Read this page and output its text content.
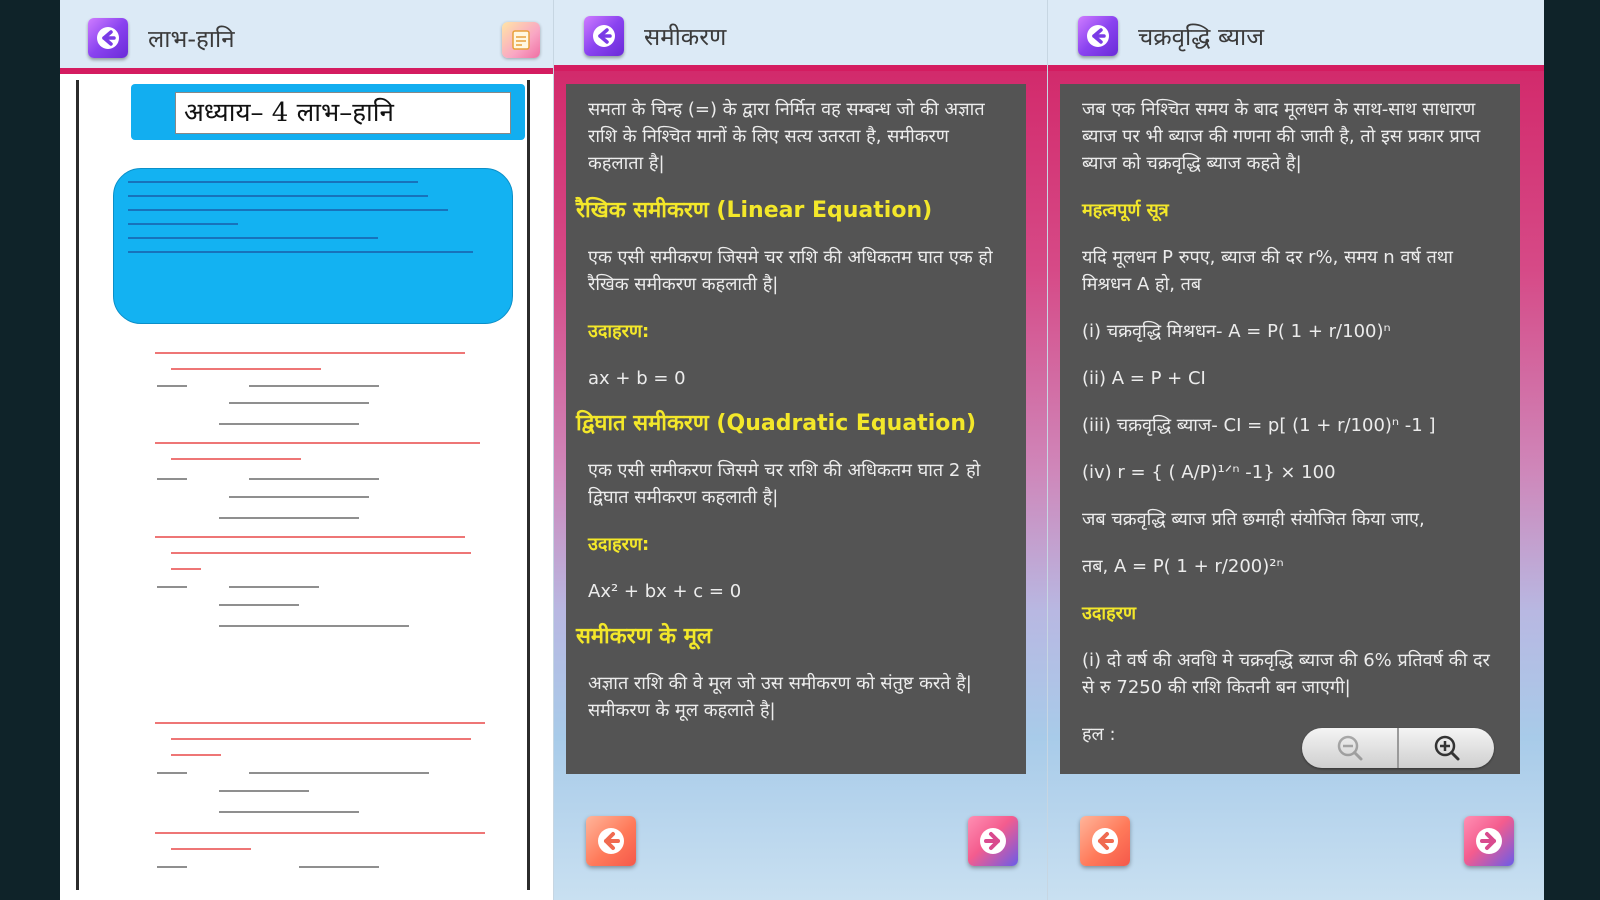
लाभ-हानि
अध्याय– 4 लाभ–हानि
समीकरण

समता के चिन्ह (=) के द्वारा निर्मित वह सम्बन्ध जो की अज्ञात राशि के निश्चित मानों के लिए सत्य उतरता है, समीकरण कहलाता है|

रैखिक समीकरण (Linear Equation)

एक एसी समीकरण जिसमे चर राशि की अधिकतम घात एक हो रैखिक समीकरण कहलाती है|

उदाहरण:

ax + b = 0

द्विघात समीकरण (Quadratic Equation)

एक एसी समीकरण जिसमे चर राशि की अधिकतम घात 2 हो द्विघात समीकरण कहलाती है|

उदाहरण:

Ax² + bx + c = 0

समीकरण के मूल

अज्ञात राशि की वे मूल जो उस समीकरण को संतुष्ट करते है| समीकरण के मूल कहलाते है|

चक्रवृद्धि ब्याज

जब एक निश्चित समय के बाद मूलधन के साथ-साथ साधारण ब्याज पर भी ब्याज की गणना की जाती है, तो इस प्रकार प्राप्त ब्याज को चक्रवृद्धि ब्याज कहते है|

महत्वपूर्ण सूत्र

यदि मूलधन P रुपए, ब्याज की दर r%, समय n वर्ष तथा मिश्रधन A हो, तब

(i) चक्रवृद्धि मिश्रधन- A = P( 1 + r/100)ⁿ

(ii) A = P + CI

(iii) चक्रवृद्धि ब्याज- CI = p[ (1 + r/100)ⁿ -1 ]

(iv) r = { ( A/P)¹ᐟⁿ -1} × 100

जब चक्रवृद्धि ब्याज प्रति छमाही संयोजित किया जाए,

तब, A = P( 1 + r/200)²ⁿ

उदाहरण

(i) दो वर्ष की अवधि मे चक्रवृद्धि ब्याज की 6% प्रतिवर्ष की दर से रु 7250 की राशि कितनी बन जाएगी|

हल :
